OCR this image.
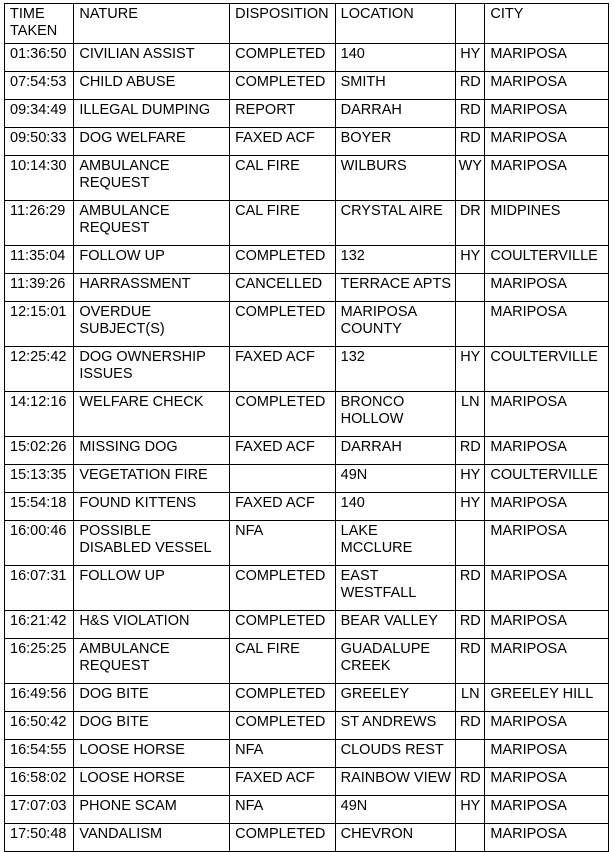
TIME TAKEN	NATURE	DISPOSITION	LOCATION		CITY
01:36:50	CIVILIAN ASSIST	COMPLETED	140	HY	MARIPOSA
07:54:53	CHILD ABUSE	COMPLETED	SMITH	RD	MARIPOSA
09:34:49	ILLEGAL DUMPING	REPORT	DARRAH	RD	MARIPOSA
09:50:33	DOG WELFARE	FAXED ACF	BOYER	RD	MARIPOSA
10:14:30	AMBULANCE REQUEST	CAL FIRE	WILBURS	WY	MARIPOSA
11:26:29	AMBULANCE REQUEST	CAL FIRE	CRYSTAL AIRE	DR	MIDPINES
11:35:04	FOLLOW UP	COMPLETED	132	HY	COULTERVILLE
11:39:26	HARRASSMENT	CANCELLED	TERRACE APTS		MARIPOSA
12:15:01	OVERDUE SUBJECT(S)	COMPLETED	MARIPOSA COUNTY		MARIPOSA
12:25:42	DOG OWNERSHIP ISSUES	FAXED ACF	132	HY	COULTERVILLE
14:12:16	WELFARE CHECK	COMPLETED	BRONCO HOLLOW	LN	MARIPOSA
15:02:26	MISSING DOG	FAXED ACF	DARRAH	RD	MARIPOSA
15:13:35	VEGETATION FIRE		49N	HY	COULTERVILLE
15:54:18	FOUND KITTENS	FAXED ACF	140	HY	MARIPOSA
16:00:46	POSSIBLE DISABLED VESSEL	NFA	LAKE MCCLURE		MARIPOSA
16:07:31	FOLLOW UP	COMPLETED	EAST WESTFALL	RD	MARIPOSA
16:21:42	H&S VIOLATION	COMPLETED	BEAR VALLEY	RD	MARIPOSA
16:25:25	AMBULANCE REQUEST	CAL FIRE	GUADALUPE CREEK	RD	MARIPOSA
16:49:56	DOG BITE	COMPLETED	GREELEY	LN	GREELEY HILL
16:50:42	DOG BITE	COMPLETED	ST ANDREWS	RD	MARIPOSA
16:54:55	LOOSE HORSE	NFA	CLOUDS REST		MARIPOSA
16:58:02	LOOSE HORSE	FAXED ACF	RAINBOW VIEW	RD	MARIPOSA
17:07:03	PHONE SCAM	NFA	49N	HY	MARIPOSA
17:50:48	VANDALISM	COMPLETED	CHEVRON		MARIPOSA
